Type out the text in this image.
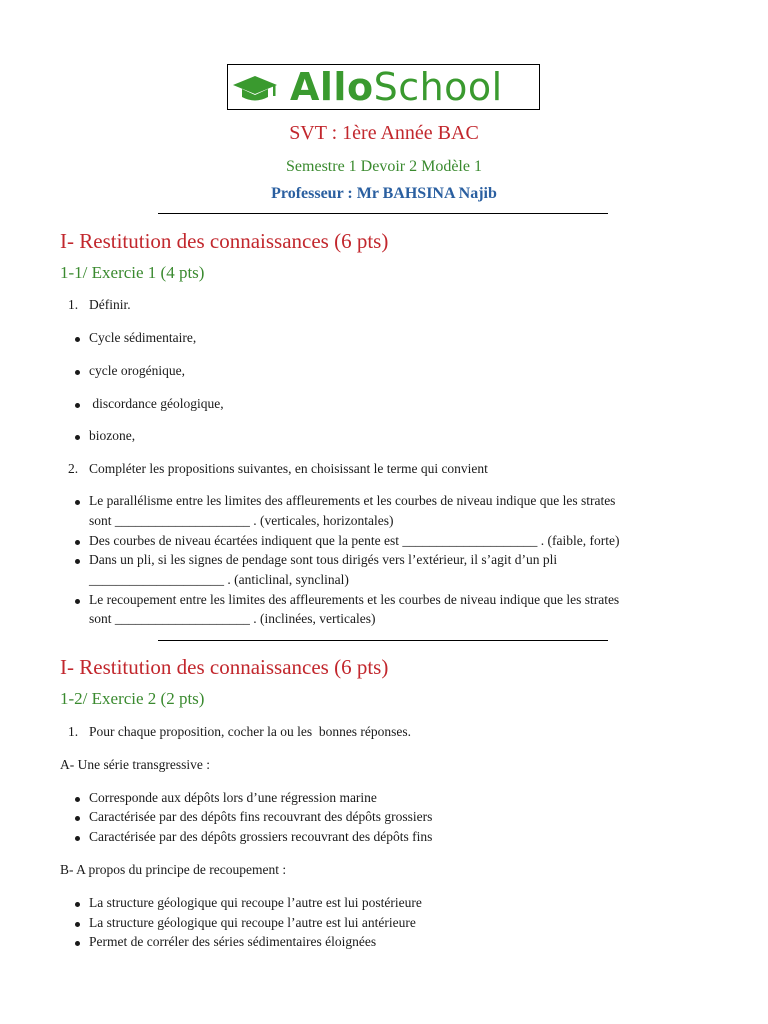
AlloSchool
SVT : 1ère Année BAC
Semestre 1 Devoir 2 Modèle 1
Professeur : Mr BAHSINA Najib
I- Restitution des connaissances (6 pts)
1-1/ Exercie 1 (4 pts)
1. Définir.
Cycle sédimentaire,
cycle orogénique,
discordance géologique,
biozone,
2. Compléter les propositions suivantes, en choisissant le terme qui convient
Le parallélisme entre les limites des affleurements et les courbes de niveau indique que les strates
sont ____________________ . (verticales, horizontales)
Des courbes de niveau écartées indiquent que la pente est ____________________ . (faible, forte)
Dans un pli, si les signes de pendage sont tous dirigés vers l’extérieur, il s’agit d’un pli
____________________ . (anticlinal, synclinal)
Le recoupement entre les limites des affleurements et les courbes de niveau indique que les strates
sont ____________________ . (inclinées, verticales)
I- Restitution des connaissances (6 pts)
1-2/ Exercie 2 (2 pts)
1. Pour chaque proposition, cocher la ou les  bonnes réponses.
A- Une série transgressive :
Corresponde aux dépôts lors d’une régression marine
Caractérisée par des dépôts fins recouvrant des dépôts grossiers
Caractérisée par des dépôts grossiers recouvrant des dépôts fins
B- A propos du principe de recoupement :
La structure géologique qui recoupe l’autre est lui postérieure
La structure géologique qui recoupe l’autre est lui antérieure
Permet de corréler des séries sédimentaires éloignées
